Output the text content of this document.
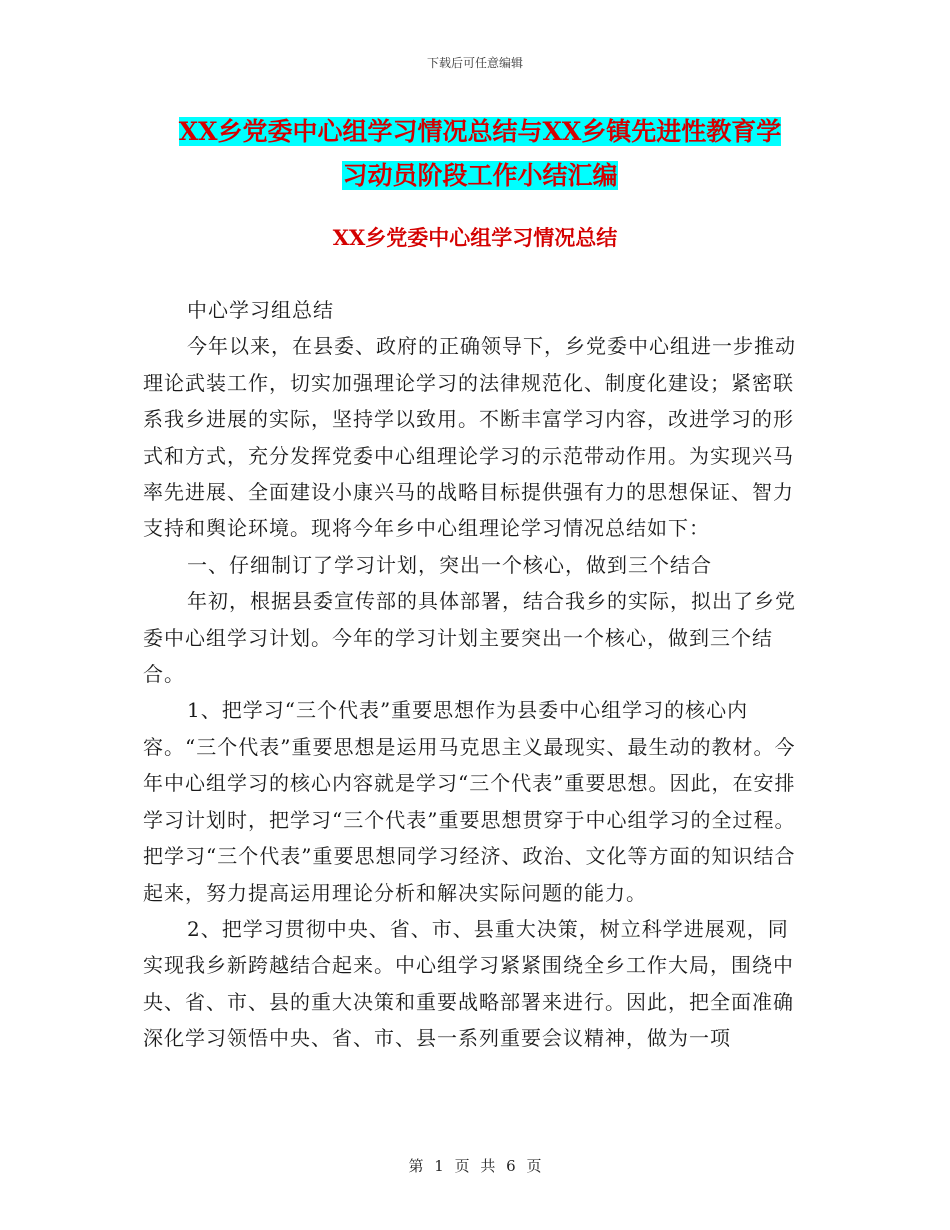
下载后可任意编辑
XX乡党委中心组学习情况总结与XX乡镇先进性教育学
习动员阶段工作小结汇编
XX乡党委中心组学习情况总结

中心学习组总结

今年以来，在县委、政府的正确领导下，乡党委中心组进一步推动理论武装工作，切实加强理论学习的法律规范化、制度化建设；紧密联系我乡进展的实际，坚持学以致用。不断丰富学习内容，改进学习的形式和方式，充分发挥党委中心组理论学习的示范带动作用。为实现兴马率先进展、全面建设小康兴马的战略目标提供强有力的思想保证、智力支持和舆论环境。现将今年乡中心组理论学习情况总结如下：

一、仔细制订了学习计划，突出一个核心，做到三个结合

年初，根据县委宣传部的具体部署，结合我乡的实际，拟出了乡党委中心组学习计划。今年的学习计划主要突出一个核心，做到三个结合。

1、把学习“三个代表”重要思想作为县委中心组学习的核心内容。“三个代表”重要思想是运用马克思主义最现实、最生动的教材。今年中心组学习的核心内容就是学习“三个代表”重要思想。因此，在安排学习计划时，把学习“三个代表”重要思想贯穿于中心组学习的全过程。把学习“三个代表”重要思想同学习经济、政治、文化等方面的知识结合起来，努力提高运用理论分析和解决实际问题的能力。

2、把学习贯彻中央、省、市、县重大决策，树立科学进展观，同实现我乡新跨越结合起来。中心组学习紧紧围绕全乡工作大局，围绕中央、省、市、县的重大决策和重要战略部署来进行。因此，把全面准确深化学习领悟中央、省、市、县一系列重要会议精神，做为一项

第 1 页 共 6 页
